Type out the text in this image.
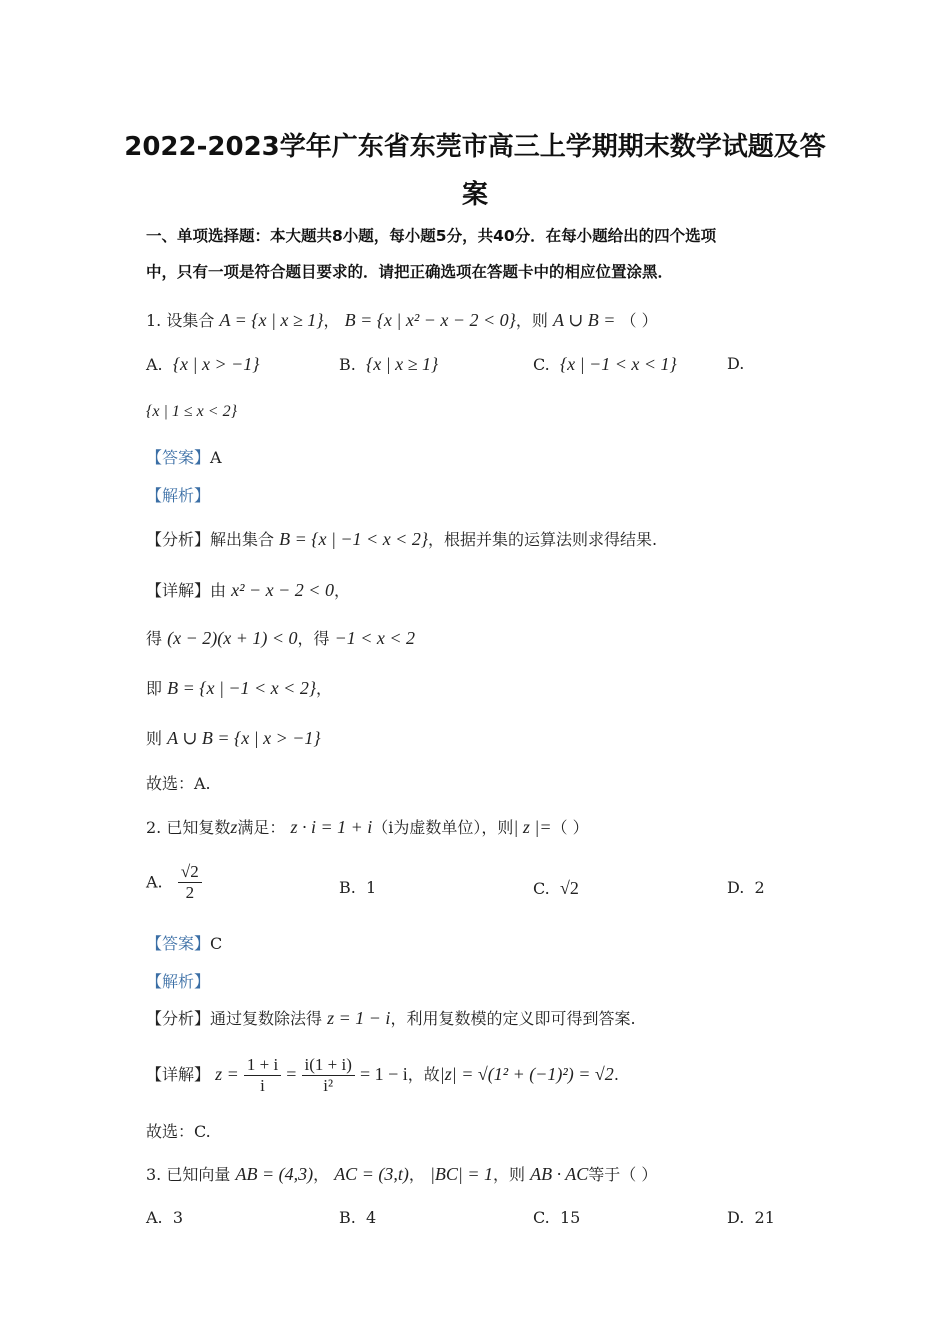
2022-2023学年广东省东莞市高三上学期期末数学试题及答
案
一、单项选择题：本大题共8小题，每小题5分，共40分．在每小题给出的四个选项
中，只有一项是符合题目要求的．请把正确选项在答题卡中的相应位置涂黑．
1. 设集合 A = {x | x ≥ 1}， B = {x | x² − x − 2 < 0}，则 A ∪ B = （ ）
A. {x | x > −1}	B. {x | x ≥ 1}	C. {x | −1 < x < 1}	D.
{x | 1 ≤ x < 2}
【答案】A
【解析】
【分析】解出集合 B = {x | −1 < x < 2}，根据并集的运算法则求得结果.
【详解】由 x² − x − 2 < 0，
得 (x − 2)(x + 1) < 0，得 −1 < x < 2
即 B = {x | −1 < x < 2}，
则 A ∪ B = {x | x > −1}
故选：A.
2. 已知复数z满足： z · i = 1 + i（i为虚数单位），则| z |=（ ）
A. $\frac{√2}{2}$	B. 1	C. √2	D. 2
【答案】C
【解析】
【分析】通过复数除法得 z = 1 − i，利用复数模的定义即可得到答案.
【详解】 $z = \frac{1 + i}{i} = \frac{i(1 + i)}{\text{i²}} = 1 - i$，故|z| = √(1² + (−1)²) = √2.
故选：C.
3. 已知向量 AB = (4,3)， AC = (3,t)， |BC| = 1，则 AB · AC等于（ ）
A. 3	B. 4	C. 15	D. 21
